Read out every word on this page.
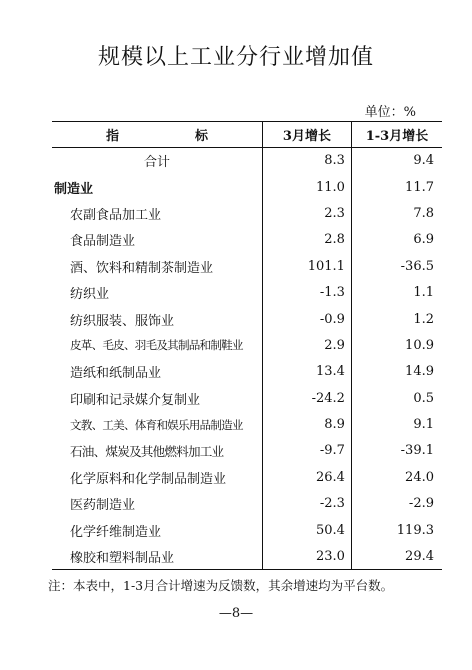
规模以上工业分行业增加值
单位：%
指 标	3月增长	1-3月增长
合计	8.3	9.4
制造业	11.0	11.7
农副食品加工业	2.3	7.8
食品制造业	2.8	6.9
酒、饮料和精制茶制造业	101.1	-36.5
纺织业	-1.3	1.1
纺织服装、服饰业	-0.9	1.2
皮革、毛皮、羽毛及其制品和制鞋业	2.9	10.9
造纸和纸制品业	13.4	14.9
印刷和记录媒介复制业	-24.2	0.5
文教、工美、体育和娱乐用品制造业	8.9	9.1
石油、煤炭及其他燃料加工业	-9.7	-39.1
化学原料和化学制品制造业	26.4	24.0
医药制造业	-2.3	-2.9
化学纤维制造业	50.4	119.3
橡胶和塑料制品业	23.0	29.4
注：本表中，1-3月合计增速为反馈数，其余增速均为平台数。
—8—
